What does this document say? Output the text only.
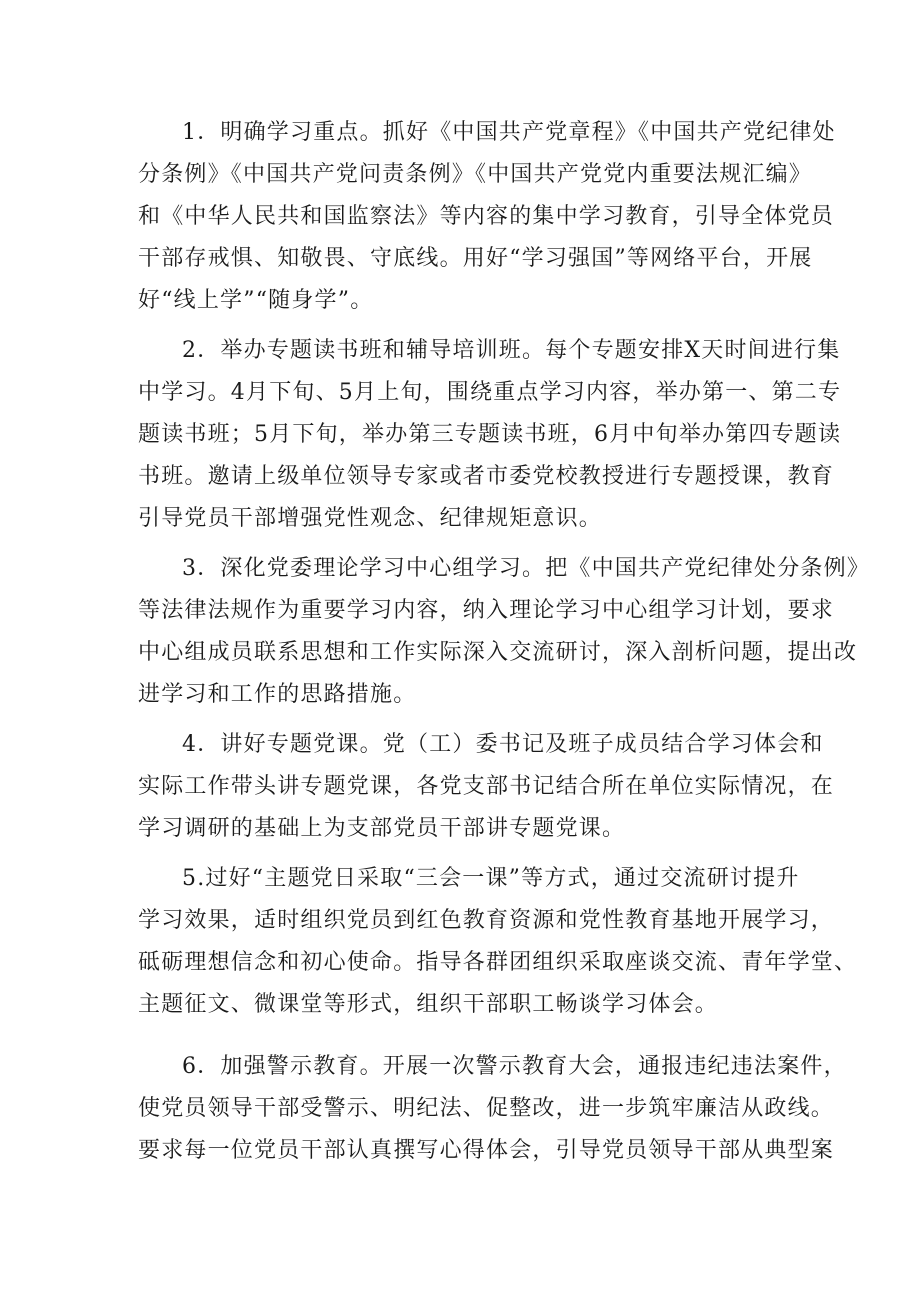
1．明确学习重点。抓好《中国共产党章程》《中国共产党纪律处
分条例》《中国共产党问责条例》《中国共产党党内重要法规汇编》
和《中华人民共和国监察法》等内容的集中学习教育，引导全体党员
干部存戒惧、知敬畏、守底线。用好“学习强国”等网络平台，开展
好“线上学”“随身学”。
2．举办专题读书班和辅导培训班。每个专题安排X天时间进行集
中学习。4月下旬、5月上旬，围绕重点学习内容，举办第一、第二专
题读书班；5月下旬，举办第三专题读书班，6月中旬举办第四专题读
书班。邀请上级单位领导专家或者市委党校教授进行专题授课，教育
引导党员干部增强党性观念、纪律规矩意识。
3．深化党委理论学习中心组学习。把《中国共产党纪律处分条例》
等法律法规作为重要学习内容，纳入理论学习中心组学习计划，要求
中心组成员联系思想和工作实际深入交流研讨，深入剖析问题，提出改
进学习和工作的思路措施。
4．讲好专题党课。党（工）委书记及班子成员结合学习体会和
实际工作带头讲专题党课，各党支部书记结合所在单位实际情况，在
学习调研的基础上为支部党员干部讲专题党课。
5.过好“主题党日采取“三会一课”等方式，通过交流研讨提升
学习效果，适时组织党员到红色教育资源和党性教育基地开展学习，
砥砺理想信念和初心使命。指导各群团组织采取座谈交流、青年学堂、
主题征文、微课堂等形式，组织干部职工畅谈学习体会。
6．加强警示教育。开展一次警示教育大会，通报违纪违法案件，
使党员领导干部受警示、明纪法、促整改，进一步筑牢廉洁从政线。
要求每一位党员干部认真撰写心得体会，引导党员领导干部从典型案
